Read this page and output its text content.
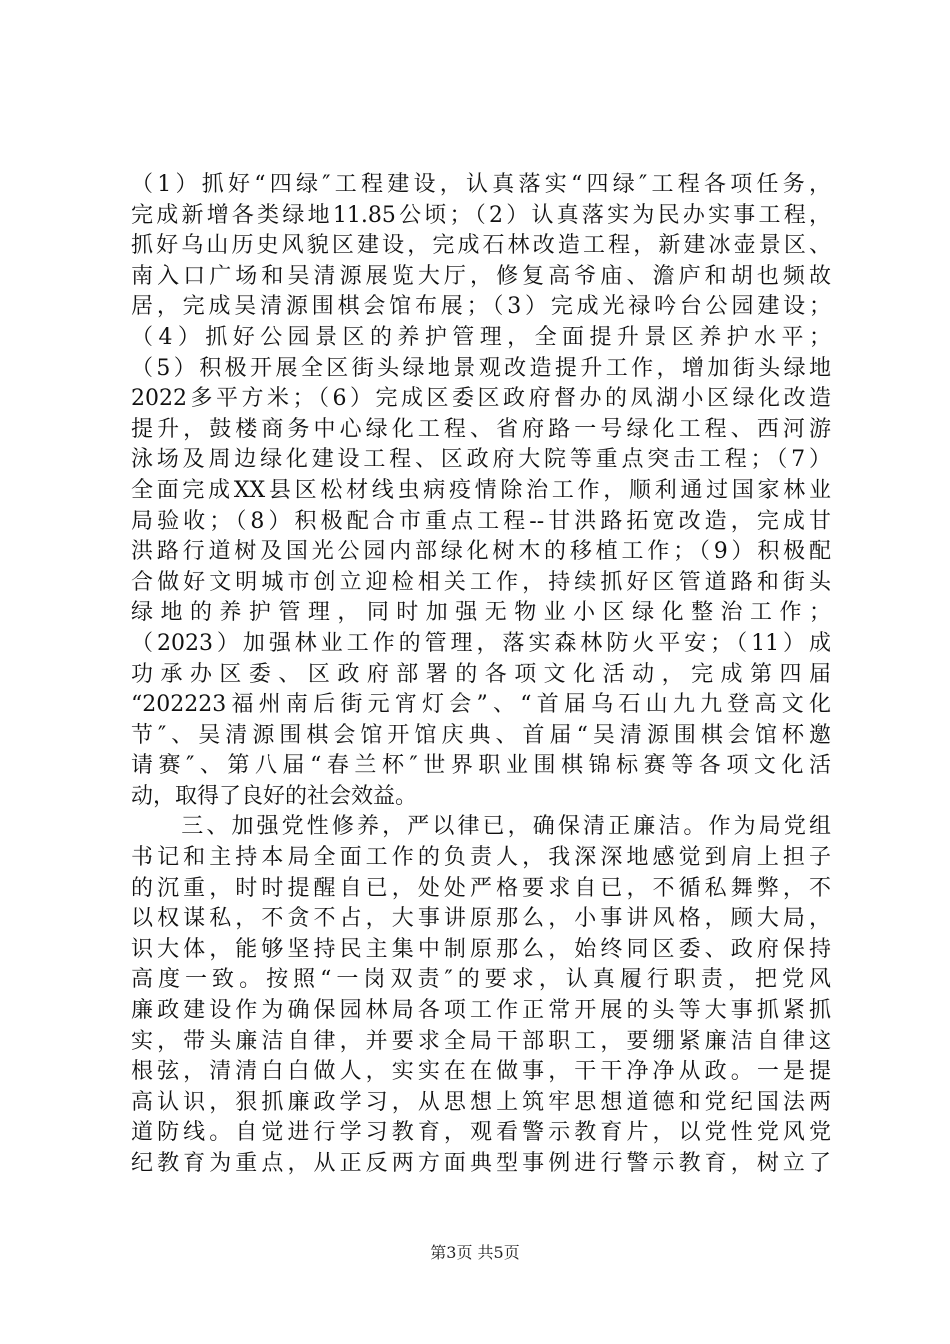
（1）抓好“四绿″工程建设，认真落实“四绿″工程各项任务，
完成新增各类绿地11.85公顷；（2）认真落实为民办实事工程，
抓好乌山历史风貌区建设，完成石林改造工程，新建冰壶景区、
南入口广场和吴清源展览大厅，修复高爷庙、澹庐和胡也频故
居，完成吴清源围棋会馆布展；（3）完成光禄吟台公园建设；
（4）抓好公园景区的养护管理，全面提升景区养护水平；
（5）积极开展全区街头绿地景观改造提升工作，增加街头绿地
2022多平方米；（6）完成区委区政府督办的凤湖小区绿化改造
提升，鼓楼商务中心绿化工程、省府路一号绿化工程、西河游
泳场及周边绿化建设工程、区政府大院等重点突击工程；（7）
全面完成XX县区松材线虫病疫情除治工作，顺利通过国家林业
局验收；（8）积极配合市重点工程--甘洪路拓宽改造，完成甘
洪路行道树及国光公园内部绿化树木的移植工作；（9）积极配
合做好文明城市创立迎检相关工作，持续抓好区管道路和街头
绿地的养护管理，同时加强无物业小区绿化整治工作；
（2023）加强林业工作的管理，落实森林防火平安；（11）成
功承办区委、区政府部署的各项文化活动，完成第四届
“202223福州南后街元宵灯会”、“首届乌石山九九登高文化
节″、吴清源围棋会馆开馆庆典、首届“吴清源围棋会馆杯邀
请赛″、第八届“春兰杯″世界职业围棋锦标赛等各项文化活
动，取得了良好的社会效益。
　　三、加强党性修养，严以律已，确保清正廉洁。作为局党组
书记和主持本局全面工作的负责人，我深深地感觉到肩上担子
的沉重，时时提醒自已，处处严格要求自已，不循私舞弊，不
以权谋私，不贪不占，大事讲原那么，小事讲风格，顾大局，
识大体，能够坚持民主集中制原那么，始终同区委、政府保持
高度一致。按照“一岗双责″的要求，认真履行职责，把党风
廉政建设作为确保园林局各项工作正常开展的头等大事抓紧抓
实，带头廉洁自律，并要求全局干部职工，要绷紧廉洁自律这
根弦，清清白白做人，实实在在做事，干干净净从政。一是提
高认识，狠抓廉政学习，从思想上筑牢思想道德和党纪国法两
道防线。自觉进行学习教育，观看警示教育片，以党性党风党
纪教育为重点，从正反两方面典型事例进行警示教育，树立了
第3页 共5页
